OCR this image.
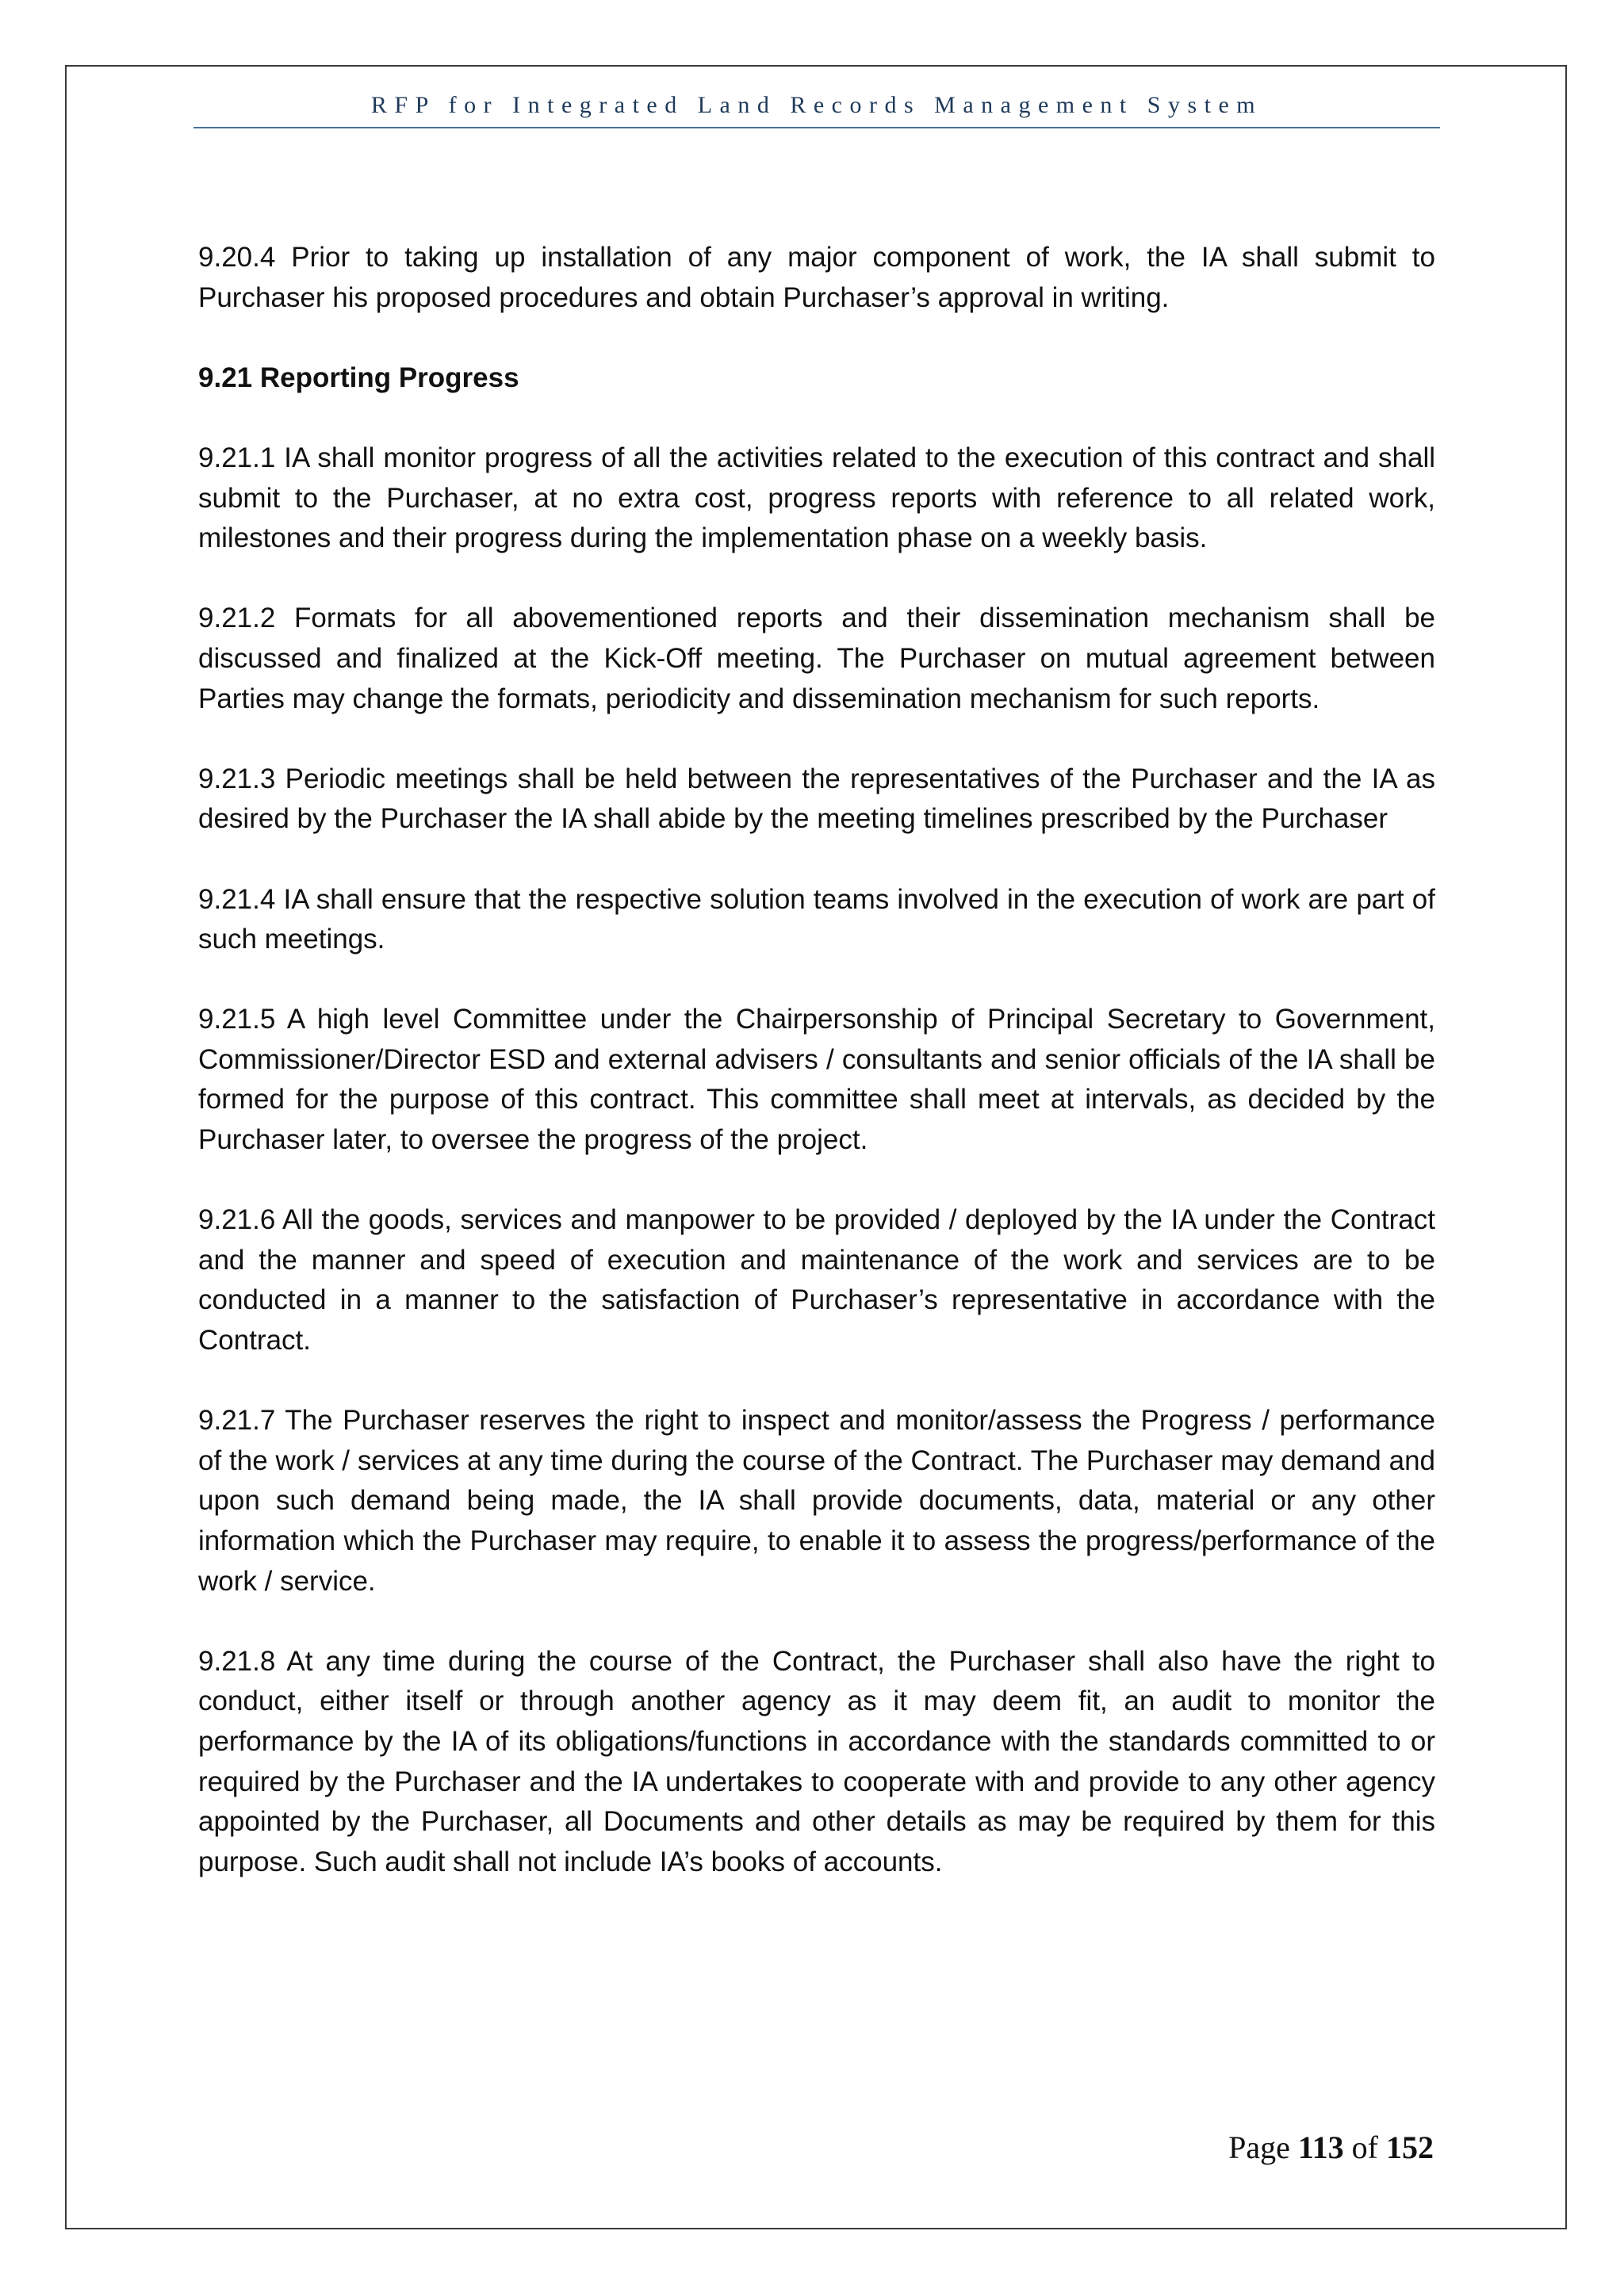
RFP for Integrated Land Records Management System

9.20.4 Prior to taking up installation of any major component of work, the IA shall submit to Purchaser his proposed procedures and obtain Purchaser’s approval in writing.

9.21 Reporting Progress

9.21.1 IA shall monitor progress of all the activities related to the execution of this contract and shall submit to the Purchaser, at no extra cost, progress reports with reference to all related work, milestones and their progress during the implementation phase on a weekly basis.

9.21.2 Formats for all abovementioned reports and their dissemination mechanism shall be discussed and finalized at the Kick-Off meeting. The Purchaser on mutual agreement between Parties may change the formats, periodicity and dissemination mechanism for such reports.

9.21.3 Periodic meetings shall be held between the representatives of the Purchaser and the IA as desired by the Purchaser the IA shall abide by the meeting timelines prescribed by the Purchaser

9.21.4 IA shall ensure that the respective solution teams involved in the execution of work are part of such meetings.

9.21.5 A high level Committee under the Chairpersonship of Principal Secretary to Government, Commissioner/Director ESD and external advisers / consultants and senior officials of the IA shall be formed for the purpose of this contract. This committee shall meet at intervals, as decided by the Purchaser later, to oversee the progress of the project.

9.21.6 All the goods, services and manpower to be provided / deployed by the IA under the Contract and the manner and speed of execution and maintenance of the work and services are to be conducted in a manner to the satisfaction of Purchaser’s representative in accordance with the Contract.

9.21.7 The Purchaser reserves the right to inspect and monitor/assess the Progress / performance of the work / services at any time during the course of the Contract. The Purchaser may demand and upon such demand being made, the IA shall provide documents, data, material or any other information which the Purchaser may require, to enable it to assess the progress/performance of the work / service.

9.21.8 At any time during the course of the Contract, the Purchaser shall also have the right to conduct, either itself or through another agency as it may deem fit, an audit to monitor the performance by the IA of its obligations/functions in accordance with the standards committed to or required by the Purchaser and the IA undertakes to cooperate with and provide to any other agency appointed by the Purchaser, all Documents and other details as may be required by them for this purpose. Such audit shall not include IA’s books of accounts.

Page 113 of 152
